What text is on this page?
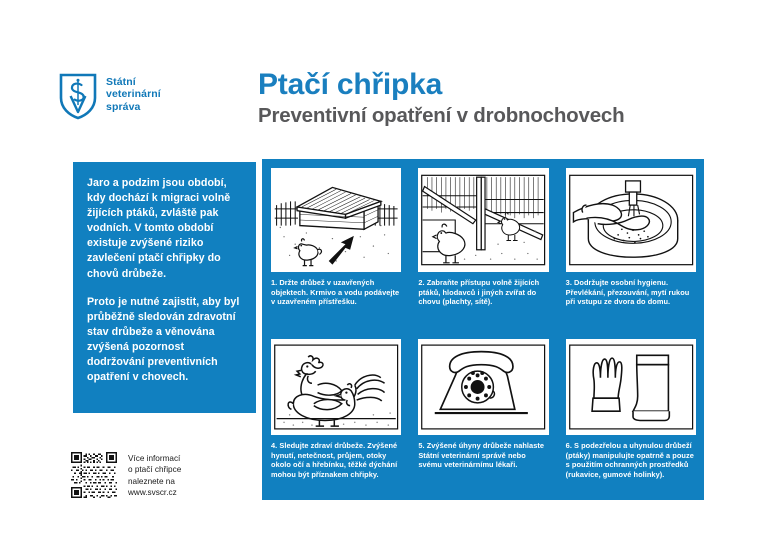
Státní
veterinární
správa
Ptačí chřipka
Preventivní opatření v drobnochovech

Jaro a podzim jsou období, kdy dochází k migraci volně žijících ptáků, zvláště pak vodních. V tomto období existuje zvýšené riziko zavlečení ptačí chřipky do chovů drůbeže.

Proto je nutné zajistit, aby byl průběžně sledován zdravotní stav drůbeže a věnována zvýšená pozornost dodržování preventivních opatření v chovech.

1. Držte drůbež v uzavřených objektech. Krmivo a vodu podávejte v uzavřeném přístřešku.
2. Zabraňte přístupu volně žijících ptáků, hlodavců i jiných zvířat do chovu (plachty, sítě).
3. Dodržujte osobní hygienu. Převlékání, přezouvání, mytí rukou při vstupu ze dvora do domu.
4. Sledujte zdraví drůbeže. Zvýšené hynutí, netečnost, průjem, otoky okolo očí a hřebínku, těžké dýchání mohou být příznakem chřipky.
5. Zvýšené úhyny drůbeže nahlaste Státní veterinární správě nebo svému veterinárnímu lékaři.
6. S podezřelou a uhynulou drůbeží (ptáky) manipulujte opatrně a pouze s použitím ochranných prostředků (rukavice, gumové holinky).
Více informací
o ptačí chřipce
naleznete na
www.svscr.cz
